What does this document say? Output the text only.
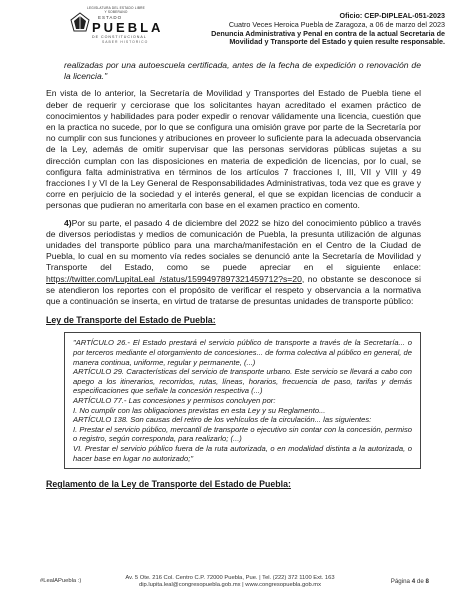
LEGISLATURA DEL ESTADO LIBRE Y SOBERANO
ESTADO
PUEBLA
DE CONSTITUCIONAL
SABER HISTORICO
Oficio: CEP-DIPLEAL-051-2023
Cuatro Veces Heroica Puebla de Zaragoza, a 06 de marzo del 2023
Denuncia Administrativa y Penal en contra de la actual Secretaria de
Movilidad y Transporte del Estado y quien resulte responsable.

realizadas por una autoescuela certificada, antes de la fecha de expedición o renovación de la licencia."

En vista de lo anterior, la Secretaría de Movilidad y Transportes del Estado de Puebla tiene el deber de requerir y cerciorase que los solicitantes hayan acreditado el examen práctico de conocimientos y habilidades para poder expedir o renovar válidamente una licencia, cuestión que en la practica no sucede, por lo que se configura una omisión grave por parte de la Secretaría por no cumplir con sus funciones y atribuciones en proveer lo suficiente para la adecuada observancia de la Ley, además de omitir supervisar que las personas servidoras públicas sujetas a su dirección cumplan con las disposiciones en materia de expedición de licencias, por lo cual, se configura falta administrativa en términos de los artículos 7 fracciones I, III, VII y VIII y 49 fracciones I y VI de la Ley General de Responsabilidades Administrativas, toda vez que es grave y corre en perjuicio de la sociedad y el interés general, el que se expidan licencias de conducir a personas que pudieran no ameritarla con base en el examen practico en comento.

4)Por su parte, el pasado 4 de diciembre del 2022 se hizo del conocimiento público a través de diversos periodistas y medios de comunicación de Puebla, la presunta utilización de algunas unidades del transporte público para una marcha/manifestación en el Centro de la Ciudad de Puebla, lo cual en su momento vía redes sociales se denunció ante la Secretaría de Movilidad y Transporte del Estado, como se puede apreciar en el siguiente enlace: https://twitter.com/LupitaLeal_/status/1599497897321459712?s=20, no obstante se desconoce si se atendieron los reportes con el propósito de verificar el respeto y observancia a la normativa que a continuación se inserta, en virtud de tratarse de presuntas unidades de transporte público:

Ley de Transporte del Estado de Puebla:

"ARTÍCULO 26.- El Estado prestará el servicio público de transporte a través de la Secretaría... o por terceros mediante el otorgamiento de concesiones... de forma colectiva al público en general, de manera continua, uniforme, regular y permanente, (...)

ARTÍCULO 29. Características del servicio de transporte urbano. Este servicio se llevará a cabo con apego a los itinerarios, recorridos, rutas, líneas, horarios, frecuencia de paso, tarifas y demás especificaciones que señale la concesión respectiva (...)

ARTÍCULO 77.- Las concesiones y permisos concluyen por:

I. No cumplir con las obligaciones previstas en esta Ley y su Reglamento...

ARTÍCULO 138. Son causas del retiro de los vehículos de la circulación... las siguientes:

I. Prestar el servicio público, mercantil de transporte o ejecutivo sin contar con la concesión, permiso o registro, según corresponda, para realizarlo; (...)

VI. Prestar el servicio público fuera de la ruta autorizada, o en modalidad distinta a la autorizada, o hacer base en lugar no autorizado;"

Reglamento de la Ley de Transporte del Estado de Puebla:
#LealAPuebla :)	Av. 5 Ote. 216 Col. Centro C.P. 72000 Puebla, Pue. | Tel. (222) 372 1100 Ext. 163
dip.lupita.leal@congresopuebla.gob.mx | www.congresopuebla.gob.mx
Página 4 de 8
